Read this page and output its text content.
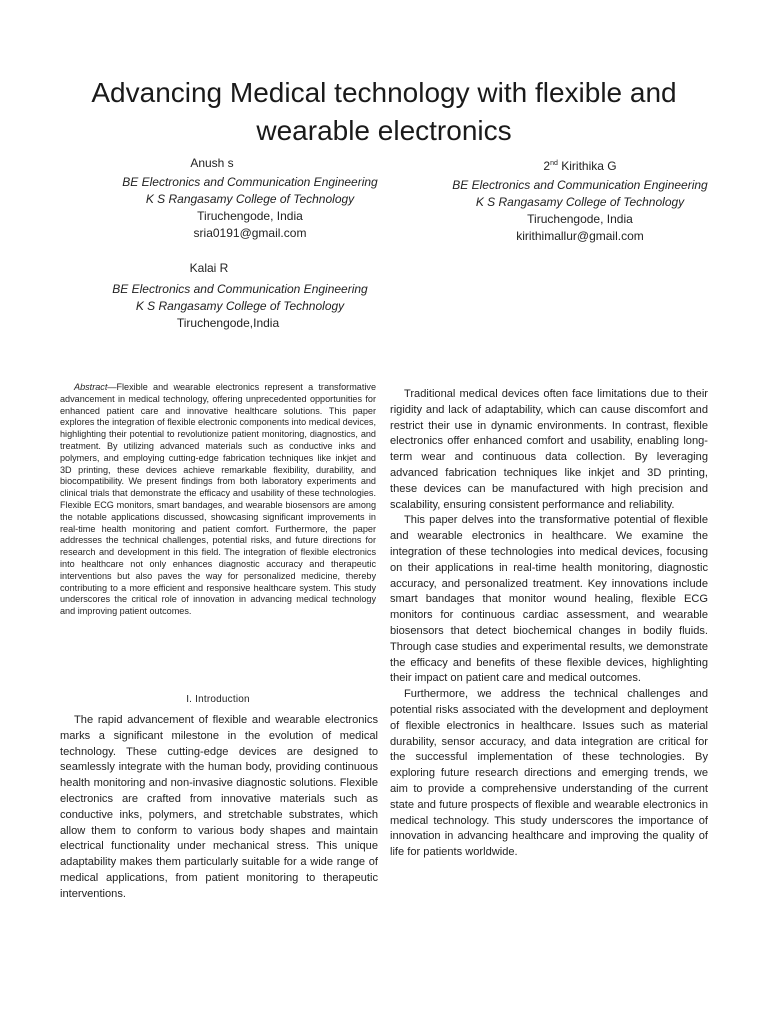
Advancing Medical technology with flexible and
wearable electronics
Anush s
BE Electronics and Communication Engineering
K S Rangasamy College of Technology
Tiruchengode, India
sria0191@gmail.com
2nd Kirithika G
BE Electronics and Communication Engineering
K S Rangasamy College of Technology
Tiruchengode, India
kirithimallur@gmail.com
Kalai R
BE Electronics and Communication Engineering
K S Rangasamy College of Technology
Tiruchengode,India
Abstract—Flexible and wearable electronics represent a transformative advancement in medical technology, offering unprecedented opportunities for enhanced patient care and innovative healthcare solutions. This paper explores the integration of flexible electronic components into medical devices, highlighting their potential to revolutionize patient monitoring, diagnostics, and treatment. By utilizing advanced materials such as conductive inks and polymers, and employing cutting-edge fabrication techniques like inkjet and 3D printing, these devices achieve remarkable flexibility, durability, and biocompatibility. We present findings from both laboratory experiments and clinical trials that demonstrate the efficacy and usability of these technologies. Flexible ECG monitors, smart bandages, and wearable biosensors are among the notable applications discussed, showcasing significant improvements in real-time health monitoring and patient comfort. Furthermore, the paper addresses the technical challenges, potential risks, and future directions for research and development in this field. The integration of flexible electronics into healthcare not only enhances diagnostic accuracy and therapeutic interventions but also paves the way for personalized medicine, thereby contributing to a more efficient and responsive healthcare system. This study underscores the critical role of innovation in advancing medical technology and improving patient outcomes.
I. Introduction

The rapid advancement of flexible and wearable electronics marks a significant milestone in the evolution of medical technology. These cutting-edge devices are designed to seamlessly integrate with the human body, providing continuous health monitoring and non-invasive diagnostic solutions. Flexible electronics are crafted from innovative materials such as conductive inks, polymers, and stretchable substrates, which allow them to conform to various body shapes and maintain electrical functionality under mechanical stress. This unique adaptability makes them particularly suitable for a wide range of medical applications, from patient monitoring to therapeutic interventions.

Traditional medical devices often face limitations due to their rigidity and lack of adaptability, which can cause discomfort and restrict their use in dynamic environments. In contrast, flexible electronics offer enhanced comfort and usability, enabling long-term wear and continuous data collection. By leveraging advanced fabrication techniques like inkjet and 3D printing, these devices can be manufactured with high precision and scalability, ensuring consistent performance and reliability.

This paper delves into the transformative potential of flexible and wearable electronics in healthcare. We examine the integration of these technologies into medical devices, focusing on their applications in real-time health monitoring, diagnostic accuracy, and personalized treatment. Key innovations include smart bandages that monitor wound healing, flexible ECG monitors for continuous cardiac assessment, and wearable biosensors that detect biochemical changes in bodily fluids. Through case studies and experimental results, we demonstrate the efficacy and benefits of these flexible devices, highlighting their impact on patient care and medical outcomes.

Furthermore, we address the technical challenges and potential risks associated with the development and deployment of flexible electronics in healthcare. Issues such as material durability, sensor accuracy, and data integration are critical for the successful implementation of these technologies. By exploring future research directions and emerging trends, we aim to provide a comprehensive understanding of the current state and future prospects of flexible and wearable electronics in medical technology. This study underscores the importance of innovation in advancing healthcare and improving the quality of life for patients worldwide.
